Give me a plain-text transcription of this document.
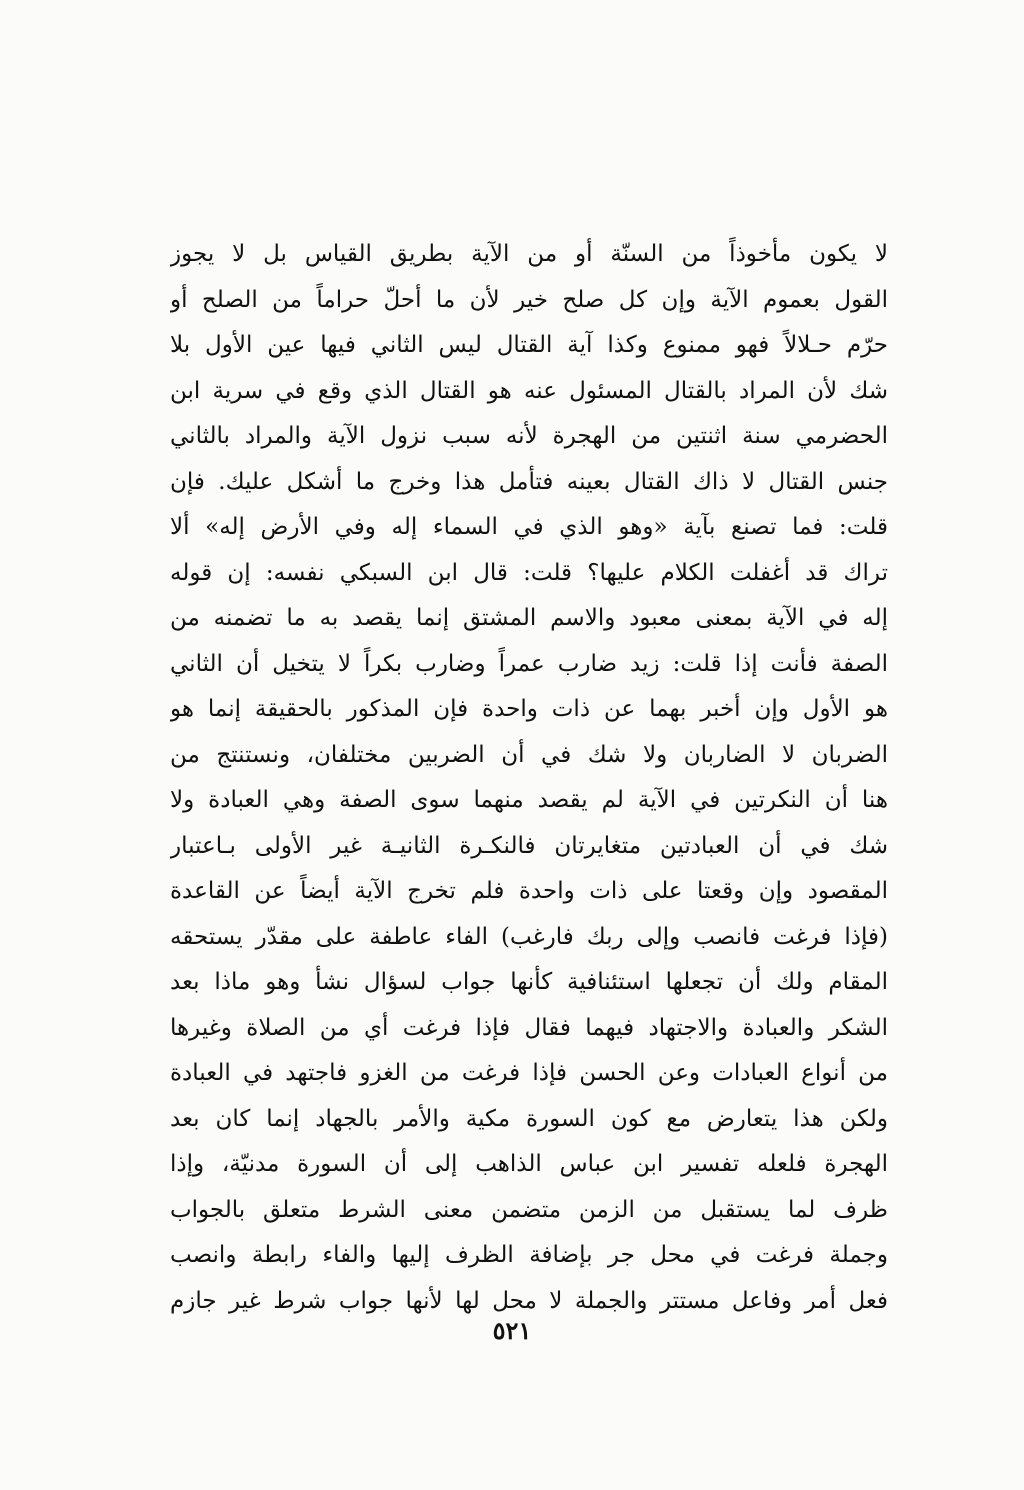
لا يكون مأخوذاً من السنّة أو من الآية بطريق القياس بل لا يجوز
القول بعموم الآية وإن كل صلح خير لأن ما أحلّ حراماً من الصلح أو
حرّم حـلالاً فهو ممنوع وكذا آية القتال ليس الثاني فيها عين الأول بلا
شك لأن المراد بالقتال المسئول عنه هو القتال الذي وقع في سرية ابن
الحضرمي سنة اثنتين من الهجرة لأنه سبب نزول الآية والمراد بالثاني
جنس القتال لا ذاك القتال بعينه فتأمل هذا وخرج ما أشكل عليك. فإن
قلت: فما تصنع بآية «وهو الذي في السماء إله وفي الأرض إله» ألا
تراك قد أغفلت الكلام عليها؟ قلت: قال ابن السبكي نفسه: إن قوله
إله في الآية بمعنى معبود والاسم المشتق إنما يقصد به ما تضمنه من
الصفة فأنت إذا قلت: زيد ضارب عمراً وضارب بكراً لا يتخيل أن الثاني
هو الأول وإن أخبر بهما عن ذات واحدة فإن المذكور بالحقيقة إنما هو
الضربان لا الضاربان ولا شك في أن الضربين مختلفان، ونستنتج من
هنا أن النكرتين في الآية لم يقصد منهما سوى الصفة وهي العبادة ولا
شك في أن العبادتين متغايرتان فالنكـرة الثانيـة غير الأولى بـاعتبار
المقصود وإن وقعتا على ذات واحدة فلم تخرج الآية أيضاً عن القاعدة
(فإذا فرغت فانصب وإلى ربك فارغب) الفاء عاطفة على مقدّر يستحقه
المقام ولك أن تجعلها استئنافية كأنها جواب لسؤال نشأ وهو ماذا بعد
الشكر والعبادة والاجتهاد فيهما فقال فإذا فرغت أي من الصلاة وغيرها
من أنواع العبادات وعن الحسن فإذا فرغت من الغزو فاجتهد في العبادة
ولكن هذا يتعارض مع كون السورة مكية والأمر بالجهاد إنما كان بعد
الهجرة فلعله تفسير ابن عباس الذاهب إلى أن السورة مدنيّة، وإذا
ظرف لما يستقبل من الزمن متضمن معنى الشرط متعلق بالجواب
وجملة فرغت في محل جر بإضافة الظرف إليها والفاء رابطة وانصب
فعل أمر وفاعل مستتر والجملة لا محل لها لأنها جواب شرط غير جازم
٥٢١
